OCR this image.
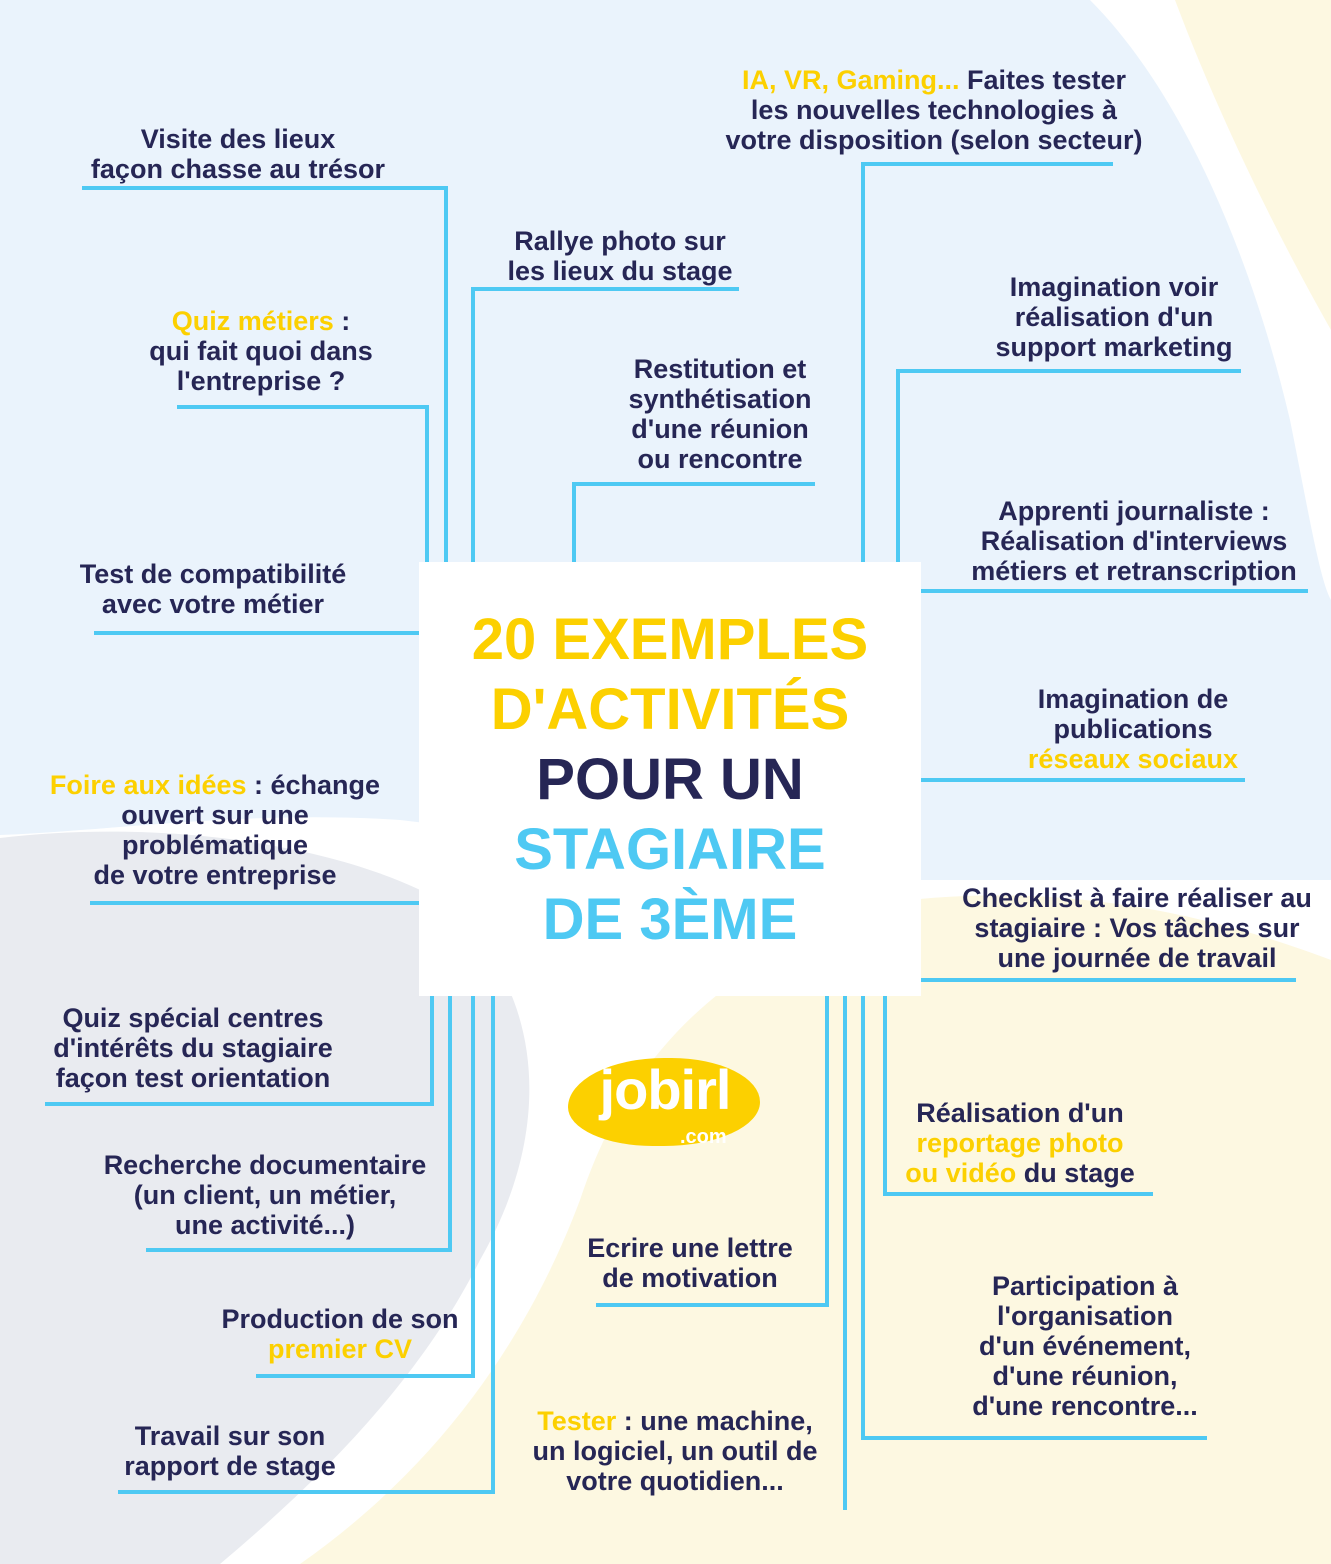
Visite des lieux
façon chasse au trésor
Quiz métiers :
qui fait quoi dans
l'entreprise ?
Test de compatibilité
avec votre métier
Foire aux idées : échange
ouvert sur une
problématique
de votre entreprise
Quiz spécial centres
d'intérêts du stagiaire
façon test orientation
Recherche documentaire
(un client, un métier,
une activité...)
Production de son
premier CV
Travail sur son
rapport de stage
Rallye photo sur
les lieux du stage
Restitution et
synthétisation
d'une réunion
ou rencontre
IA, VR, Gaming... Faites tester
les nouvelles technologies à
votre disposition (selon secteur)
Imagination voir
réalisation d'un
support marketing
Apprenti journaliste :
Réalisation d'interviews
métiers et retranscription
Imagination de
publications
réseaux sociaux
Checklist à faire réaliser au
stagiaire : Vos tâches sur
une journée de travail
Réalisation d'un
reportage photo
ou vidéo du stage
Ecrire une lettre
de motivation	Participation à
l'organisation
d'un événement,
d'une réunion,
d'une rencontre...
Tester : une machine,
un logiciel, un outil de
votre quotidien...
20 EXEMPLES
D'ACTIVITÉS
POUR UN
STAGIAIRE
DE 3ÈME
jobirl
.com
